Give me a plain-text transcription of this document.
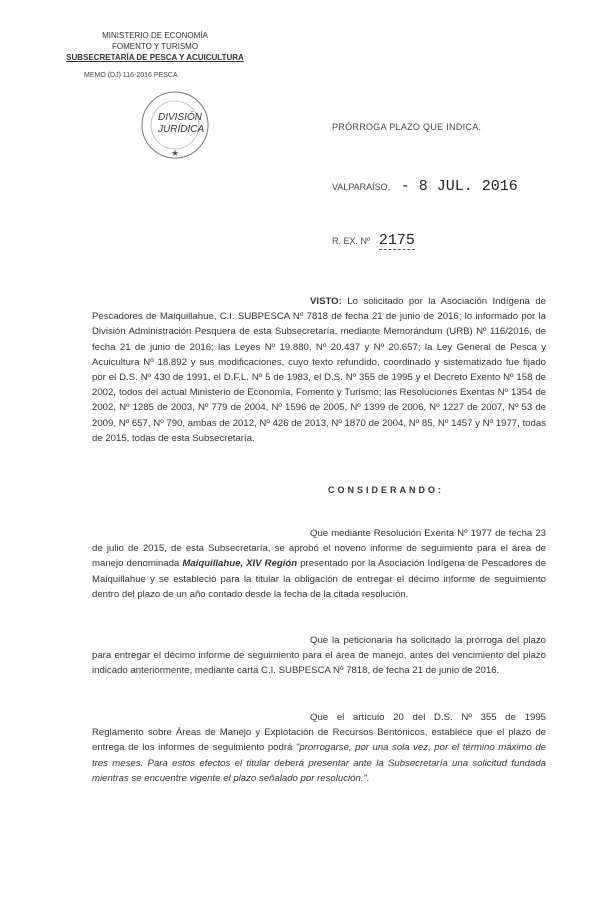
MINISTERIO DE ECONOMÍA
FOMENTO Y TURISMO
SUBSECRETARÍA DE PESCA Y ACUICULTURA
MEMO (DJ) 116-2016 PESCA
★
DIVISIÓN
JURÍDICA	PRÓRROGA PLAZO QUE INDICA.
VALPARAÍSO, - 8 JUL. 2016
R. EX. Nº 2175
VISTO: Lo solicitado por la Asociación Indígena de Pescadores de Maiquillahue, C.I. SUBPESCA Nº 7818 de fecha 21 de junio de 2016; lo informado por la División Administración Pesquera de esta Subsecretaría, mediante Memorándum (URB) Nº 116/2016, de fecha 21 de junio de 2016; las Leyes Nº 19.880, Nº 20.437 y Nº 20.657; la Ley General de Pesca y Acuicultura Nº 18.892 y sus modificaciones, cuyo texto refundido, coordinado y sistematizado fue fijado por el D.S. Nº 430 de 1991, el D.F.L. Nº 5 de 1983, el D.S. Nº 355 de 1995 y el Decreto Exento Nº 158 de 2002, todos del actual Ministerio de Economía, Fomento y Turismo; las Resoluciones Exentas Nº 1354 de 2002, Nº 1285 de 2003, Nº 779 de 2004, Nº 1596 de 2005, Nº 1399 de 2006, Nº 1227 de 2007, Nº 53 de 2009, Nº 657, Nº 790, ambas de 2012, Nº 426 de 2013, Nº 1870 de 2004, Nº 85, Nº 1457 y Nº 1977, todas de 2015, todas de esta Subsecretaría.
CONSIDERANDO:
Que mediante Resolución Exenta Nº 1977 de fecha 23 de julio de 2015, de esta Subsecretaría, se aprobó el noveno informe de seguimiento para el área de manejo denominada Maiquillahue, XIV Región presentado por la Asociación Indígena de Pescadores de Maiquillahue y se estableció para la titular la obligación de entregar el décimo informe de seguimiento dentro del plazo de un año contado desde la fecha de la citada resolución.
Que la peticionaria ha solicitado la prórroga del plazo para entregar el décimo informe de seguimiento para el área de manejo, antes del vencimiento del plazo indicado anteriormente, mediante carta C.I. SUBPESCA Nº 7818, de fecha 21 de junio de 2016.
Que el artículo 20 del D.S. Nº 355 de 1995 Reglamento sobre Áreas de Manejo y Explotación de Recursos Bentónicos, establece que el plazo de entrega de los informes de seguimiento podrá "prorrogarse, por una sola vez, por el término máximo de tres meses. Para estos efectos el titular deberá presentar ante la Subsecretaría una solicitud fundada mientras se encuentre vigente el plazo señalado por resolución.".
